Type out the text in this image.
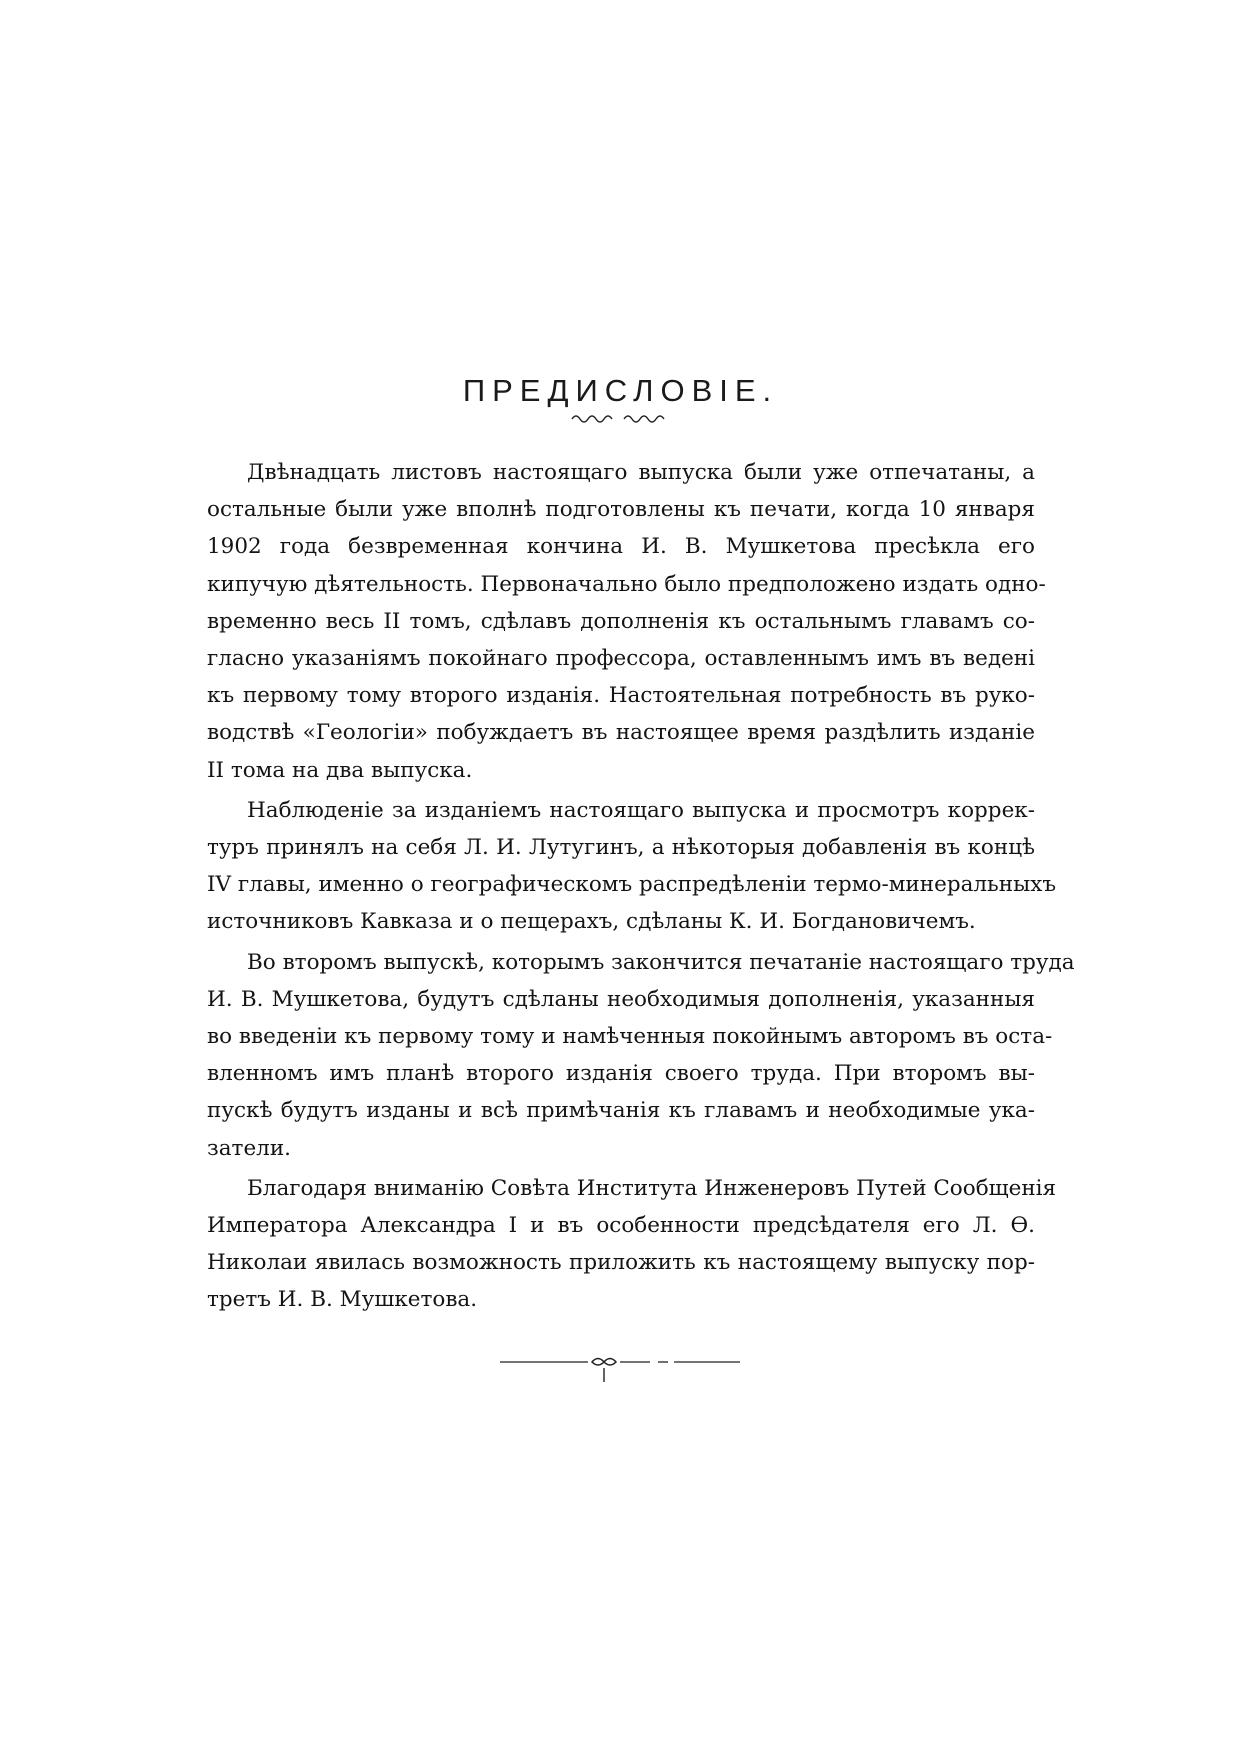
ПРЕДИСЛОВІЕ.
Двѣнадцать листовъ настоящаго выпуска были уже отпечатаны, а
остальные были уже вполнѣ подготовлены къ печати, когда 10 января
1902 года безвременная кончина И. В. Мушкетова пресѣкла его
кипучую дѣятельность. Первоначально было предположено издать одно-
временно весь II томъ, сдѣлавъ дополненія къ остальнымъ главамъ со-
гласно указаніямъ покойнаго профессора, оставленнымъ имъ въ ведені
къ первому тому второго изданія. Настоятельная потребность въ руко-
водствѣ «Геологіи» побуждаетъ въ настоящее время раздѣлить изданіе
II тома на два выпуска.
Наблюденіе за изданіемъ настоящаго выпуска и просмотръ коррек-
туръ принялъ на себя Л. И. Лутугинъ, а нѣкоторыя добавленія въ концѣ
IV главы, именно о географическомъ распредѣленіи термо-минеральныхъ
источниковъ Кавказа и о пещерахъ, сдѣланы К. И. Богдановичемъ.
Во второмъ выпускѣ, которымъ закончится печатаніе настоящаго труда
И. В. Мушкетова, будутъ сдѣланы необходимыя дополненія, указанныя
во введеніи къ первому тому и намѣченныя покойнымъ авторомъ въ оста-
вленномъ имъ планѣ второго изданія своего труда. При второмъ вы-
пускѣ будутъ изданы и всѣ примѣчанія къ главамъ и необходимые ука-
затели.
Благодаря вниманію Совѣта Института Инженеровъ Путей Сообщенія
Императора Александра I и въ особенности предсѣдателя его Л. Ѳ.
Николаи явилась возможность приложить къ настоящему выпуску пор-
третъ И. В. Мушкетова.
